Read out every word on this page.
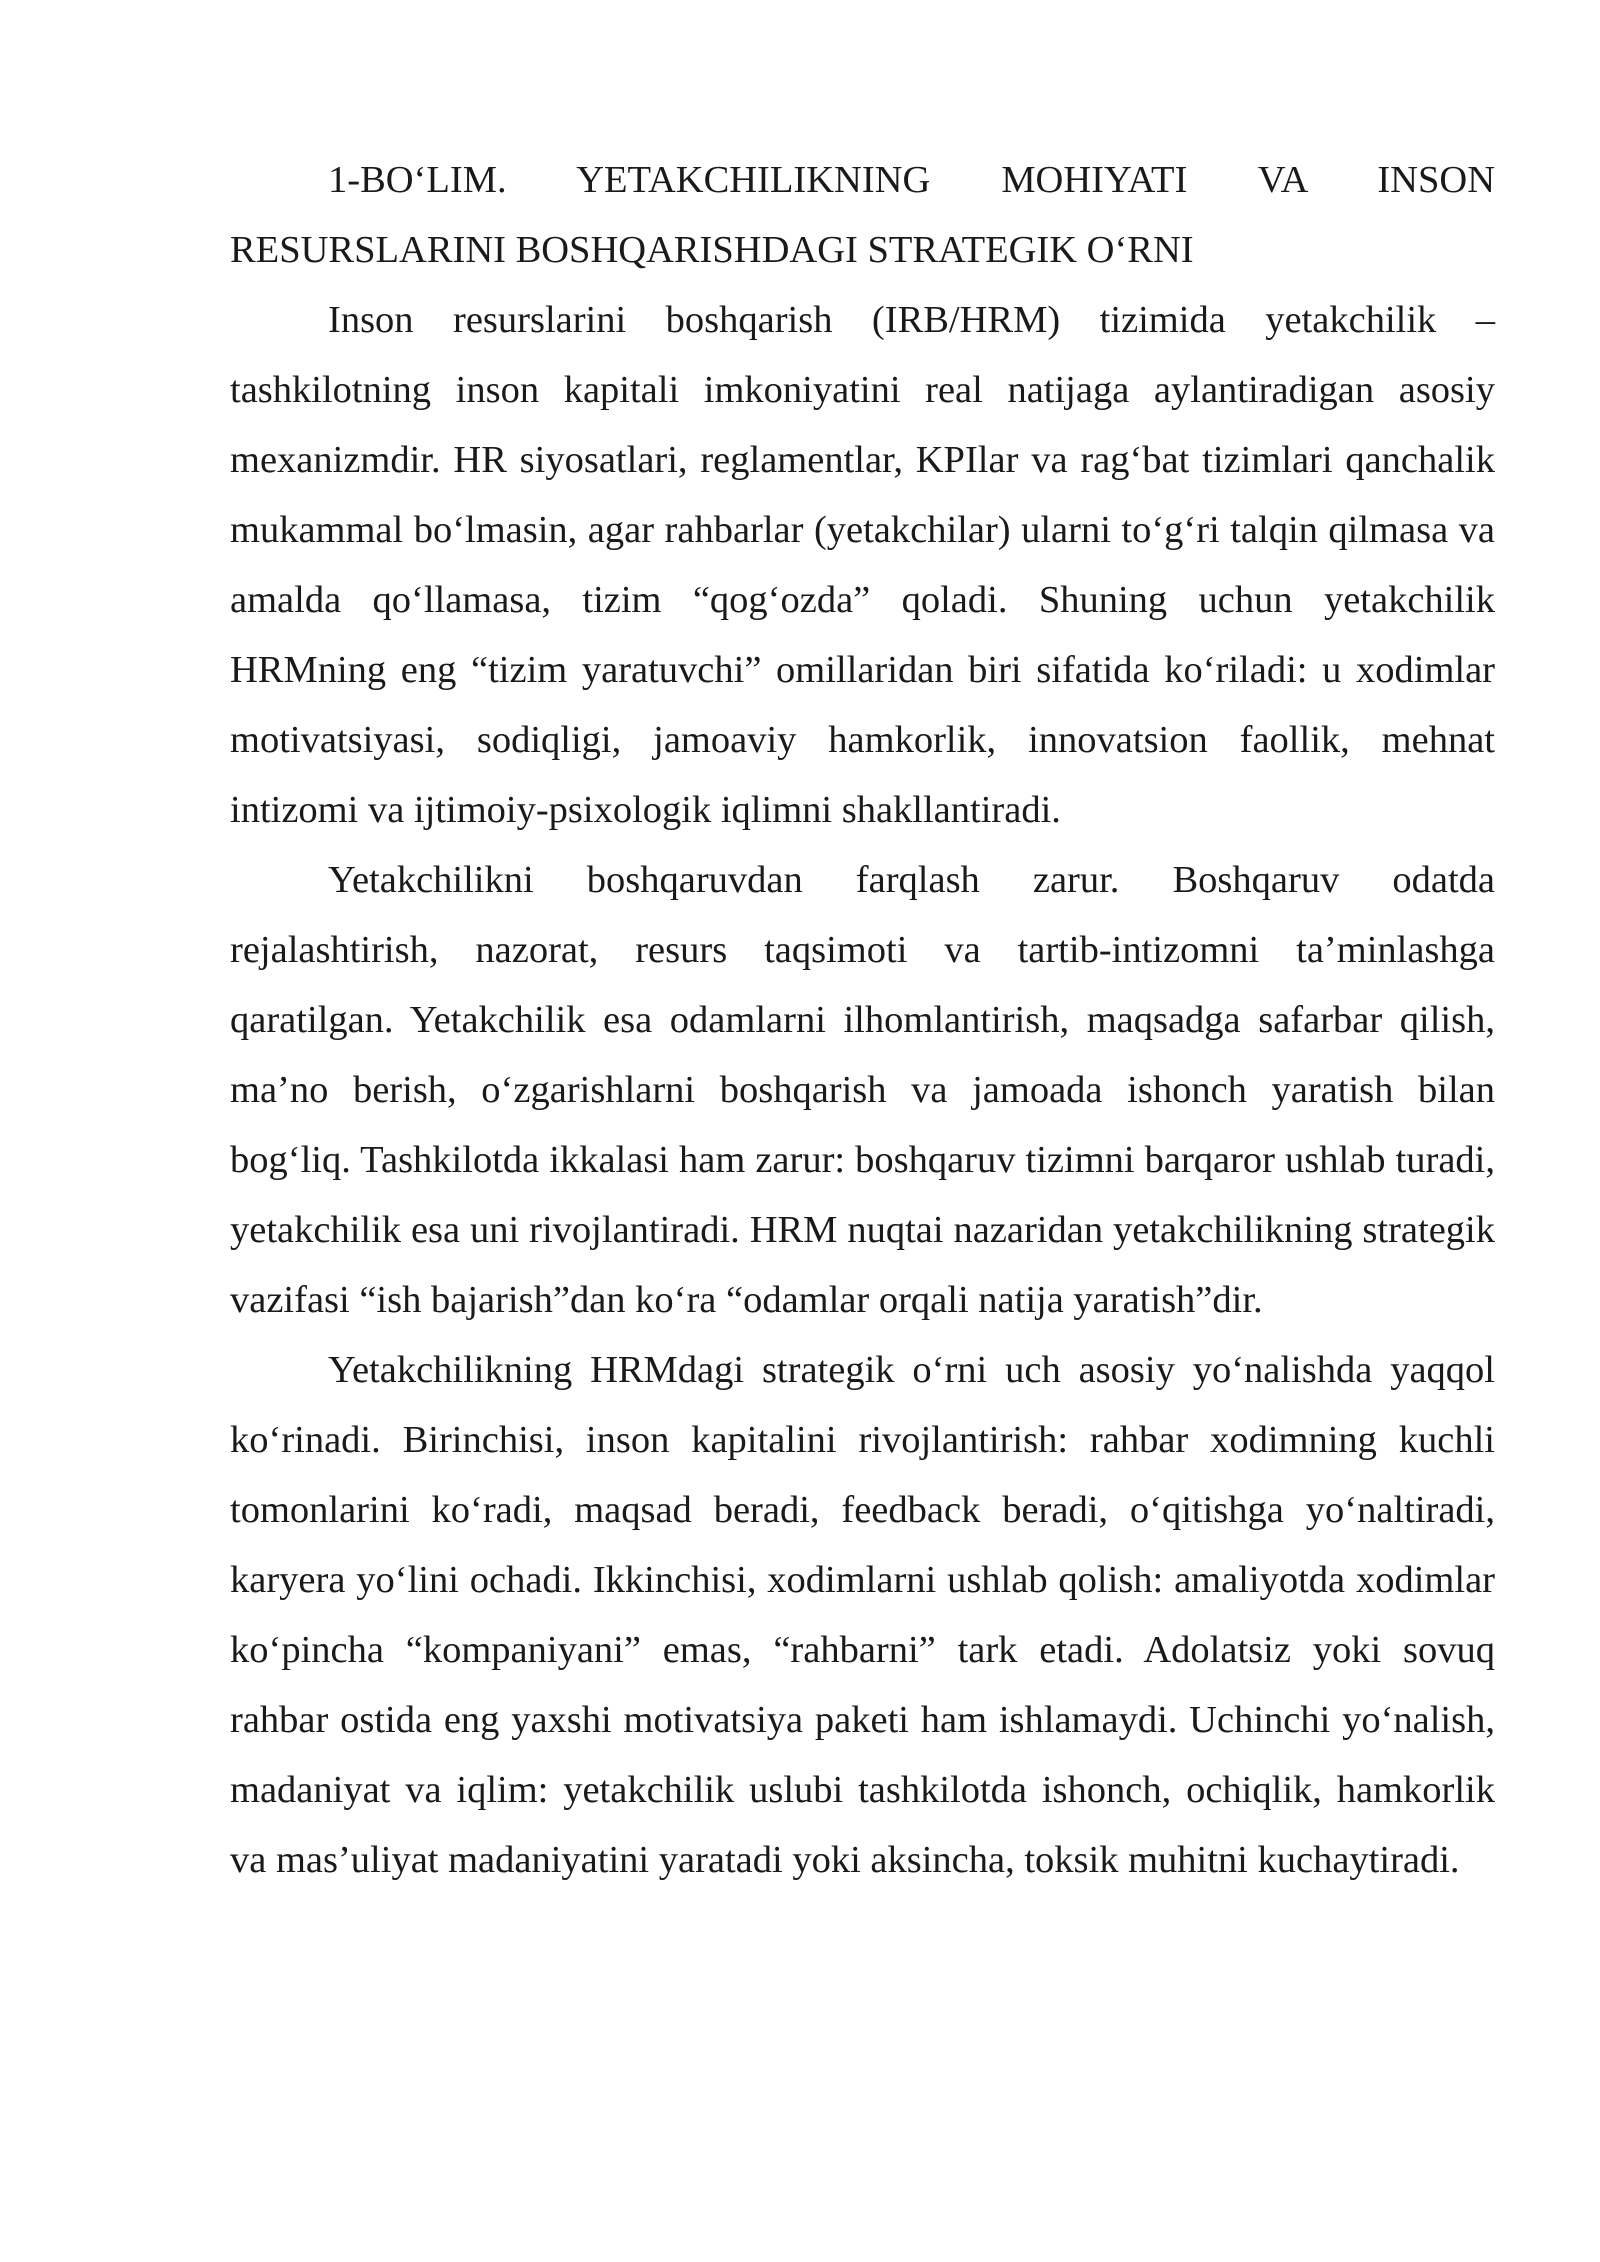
1-BO‘LIM. YETAKCHILIKNING MOHIYATI VA INSON
RESURSLARINI BOSHQARISHDAGI STRATEGIK O‘RNI

Inson resurslarini boshqarish (IRB/HRM) tizimida yetakchilik – tashkilotning inson kapitali imkoniyatini real natijaga aylantiradigan asosiy mexanizmdir. HR siyosatlari, reglamentlar, KPIlar va rag‘bat tizimlari qanchalik mukammal bo‘lmasin, agar rahbarlar (yetakchilar) ularni to‘g‘ri talqin qilmasa va amalda qo‘llamasa, tizim “qog‘ozda” qoladi. Shuning uchun yetakchilik HRMning eng “tizim yaratuvchi” omillaridan biri sifatida ko‘riladi: u xodimlar motivatsiyasi, sodiqligi, jamoaviy hamkorlik, innovatsion faollik, mehnat intizomi va ijtimoiy-psixologik iqlimni shakllantiradi.

Yetakchilikni boshqaruvdan farqlash zarur. Boshqaruv odatda rejalashtirish, nazorat, resurs taqsimoti va tartib-intizomni ta’minlashga qaratilgan. Yetakchilik esa odamlarni ilhomlantirish, maqsadga safarbar qilish, ma’no berish, o‘zgarishlarni boshqarish va jamoada ishonch yaratish bilan bog‘liq. Tashkilotda ikkalasi ham zarur: boshqaruv tizimni barqaror ushlab turadi, yetakchilik esa uni rivojlantiradi. HRM nuqtai nazaridan yetakchilikning strategik vazifasi “ish bajarish”dan ko‘ra “odamlar orqali natija yaratish”dir.

Yetakchilikning HRMdagi strategik o‘rni uch asosiy yo‘nalishda yaqqol ko‘rinadi. Birinchisi, inson kapitalini rivojlantirish: rahbar xodimning kuchli tomonlarini ko‘radi, maqsad beradi, feedback beradi, o‘qitishga yo‘naltiradi, karyera yo‘lini ochadi. Ikkinchisi, xodimlarni ushlab qolish: amaliyotda xodimlar ko‘pincha “kompaniyani” emas, “rahbarni” tark etadi. Adolatsiz yoki sovuq rahbar ostida eng yaxshi motivatsiya paketi ham ishlamaydi. Uchinchi yo‘nalish, madaniyat va iqlim: yetakchilik uslubi tashkilotda ishonch, ochiqlik, hamkorlik va mas’uliyat madaniyatini yaratadi yoki aksincha, toksik muhitni kuchaytiradi.
